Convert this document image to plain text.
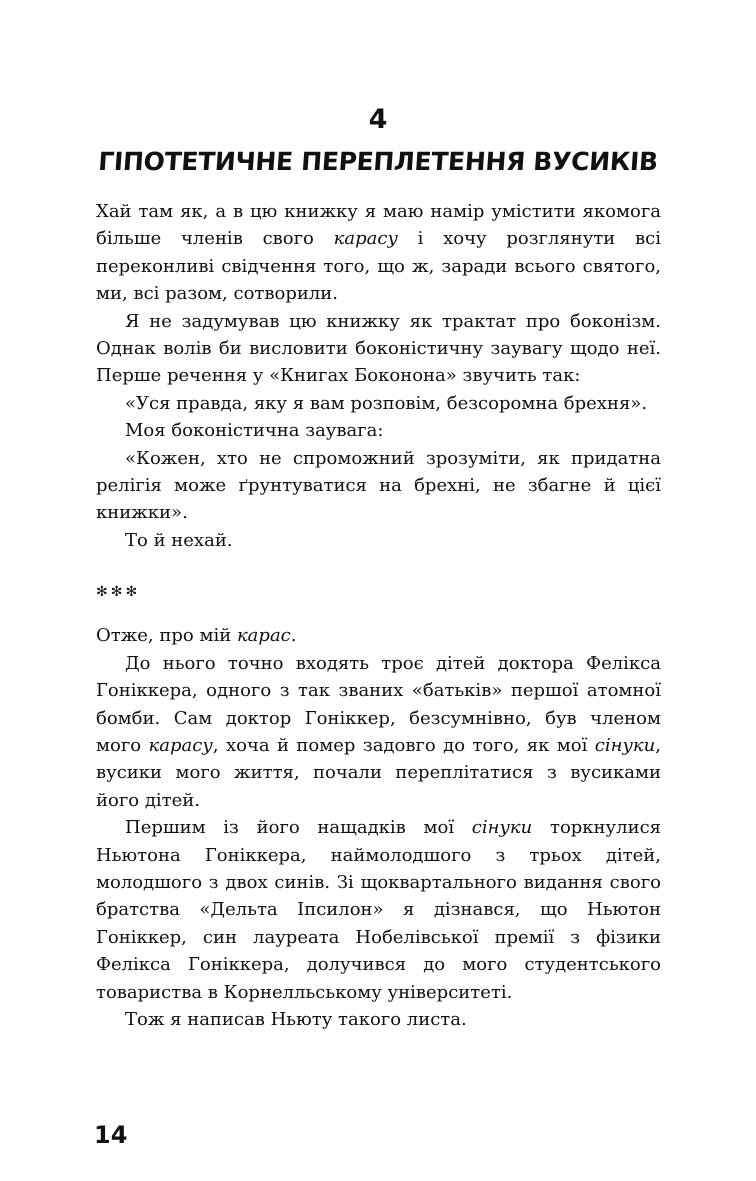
4
ГІПОТЕТИЧНЕ ПЕРЕПЛЕТЕННЯ ВУСИКІВ

Хай там як, а в цю книжку я маю намір умістити якомога більше членів свого карасу і хочу розглянути всі переконливі свідчення того, що ж, заради всього святого, ми, всі разом, сотворили.

Я не задумував цю книжку як трактат про боконізм. Однак волів би висловити боконістичну заувагу щодо неї. Перше речення у «Книгах Боконона» звучить так:

«Уся правда, яку я вам розповім, безсоромна брехня».

Моя боконістична заувага:

«Кожен, хто не спроможний зрозуміти, як придатна релігія може ґрунтуватися на брехні, не збагне й цієї книжки».

То й нехай.

✻✻✻

Отже, про мій карас.

До нього точно входять троє дітей доктора Фелікса Гоніккера, одного з так званих «батьків» першої атомної бомби. Сам доктор Гоніккер, безсумнівно, був членом мого карасу, хоча й помер задовго до того, як мої сінуки, вусики мого життя, почали переплітатися з вусиками його дітей.

Першим із його нащадків мої сінуки торкнулися Ньютона Гоніккера, наймолодшого з трьох дітей, молодшого з двох синів. Зі щоквартального видання свого братства «Дельта Іпсилон» я дізнався, що Ньютон Гоніккер, син лауреата Нобелівської премії з фізики Фелікса Гоніккера, долучився до мого студентського товариства в Корнелльському університеті.

Тож я написав Ньюту такого листа.

14
